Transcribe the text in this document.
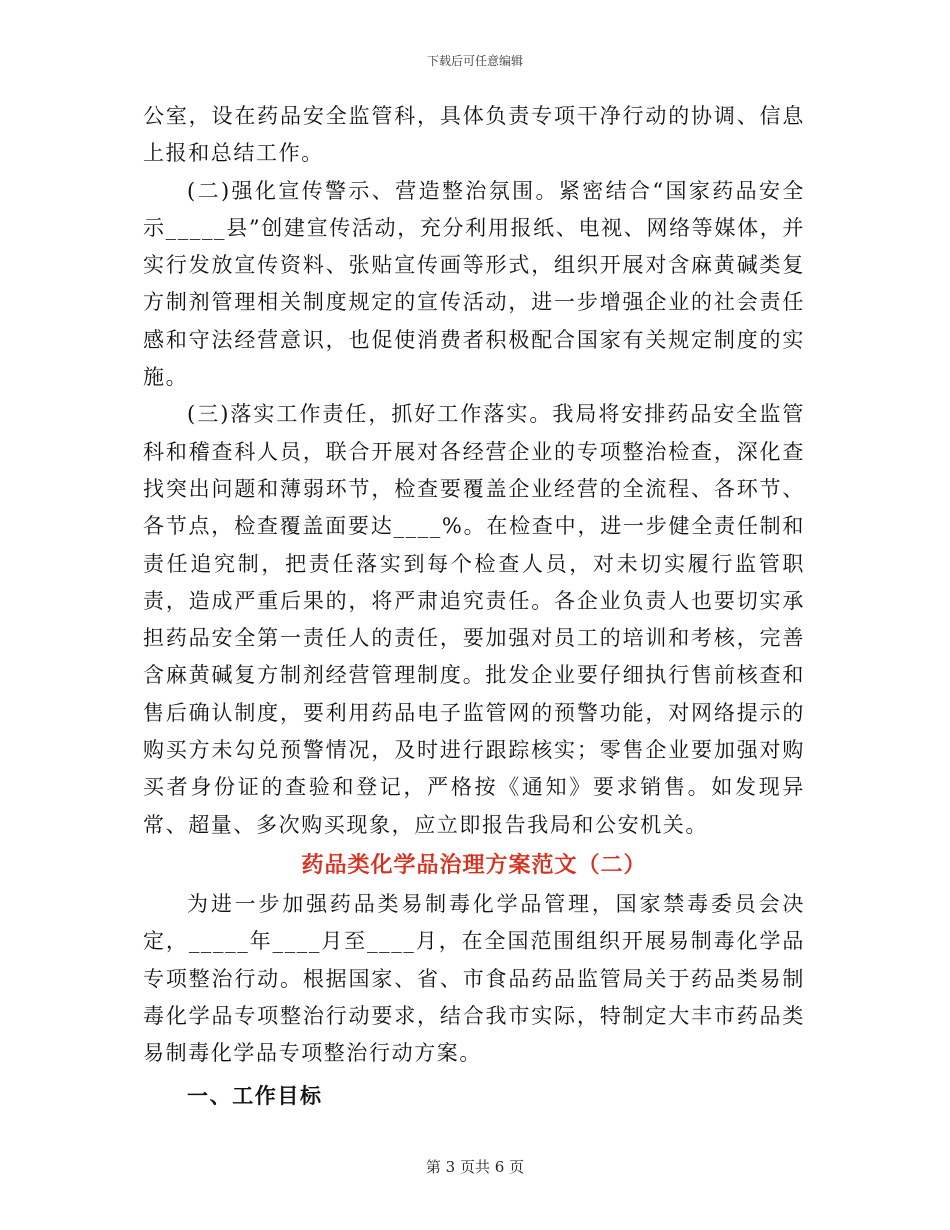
下载后可任意编辑

公室，设在药品安全监管科，具体负责专项干净行动的协调、信息上报和总结工作。

(二)强化宣传警示、营造整治氛围。紧密结合“国家药品安全示_____县”创建宣传活动，充分利用报纸、电视、网络等媒体，并实行发放宣传资料、张贴宣传画等形式，组织开展对含麻黄碱类复方制剂管理相关制度规定的宣传活动，进一步增强企业的社会责任感和守法经营意识，也促使消费者积极配合国家有关规定制度的实施。

(三)落实工作责任，抓好工作落实。我局将安排药品安全监管科和稽查科人员，联合开展对各经营企业的专项整治检查，深化查找突出问题和薄弱环节，检查要覆盖企业经营的全流程、各环节、各节点，检查覆盖面要达____%。在检查中，进一步健全责任制和责任追究制，把责任落实到每个检查人员，对未切实履行监管职责，造成严重后果的，将严肃追究责任。各企业负责人也要切实承担药品安全第一责任人的责任，要加强对员工的培训和考核，完善含麻黄碱复方制剂经营管理制度。批发企业要仔细执行售前核查和售后确认制度，要利用药品电子监管网的预警功能，对网络提示的购买方未勾兑预警情况，及时进行跟踪核实；零售企业要加强对购买者身份证的查验和登记，严格按《通知》要求销售。如发现异常、超量、多次购买现象，应立即报告我局和公安机关。

药品类化学品治理方案范文（二）

为进一步加强药品类易制毒化学品管理，国家禁毒委员会决定，_____年____月至____月，在全国范围组织开展易制毒化学品专项整治行动。根据国家、省、市食品药品监管局关于药品类易制毒化学品专项整治行动要求，结合我市实际，特制定大丰市药品类易制毒化学品专项整治行动方案。

一、工作目标
第 3 页共 6 页
